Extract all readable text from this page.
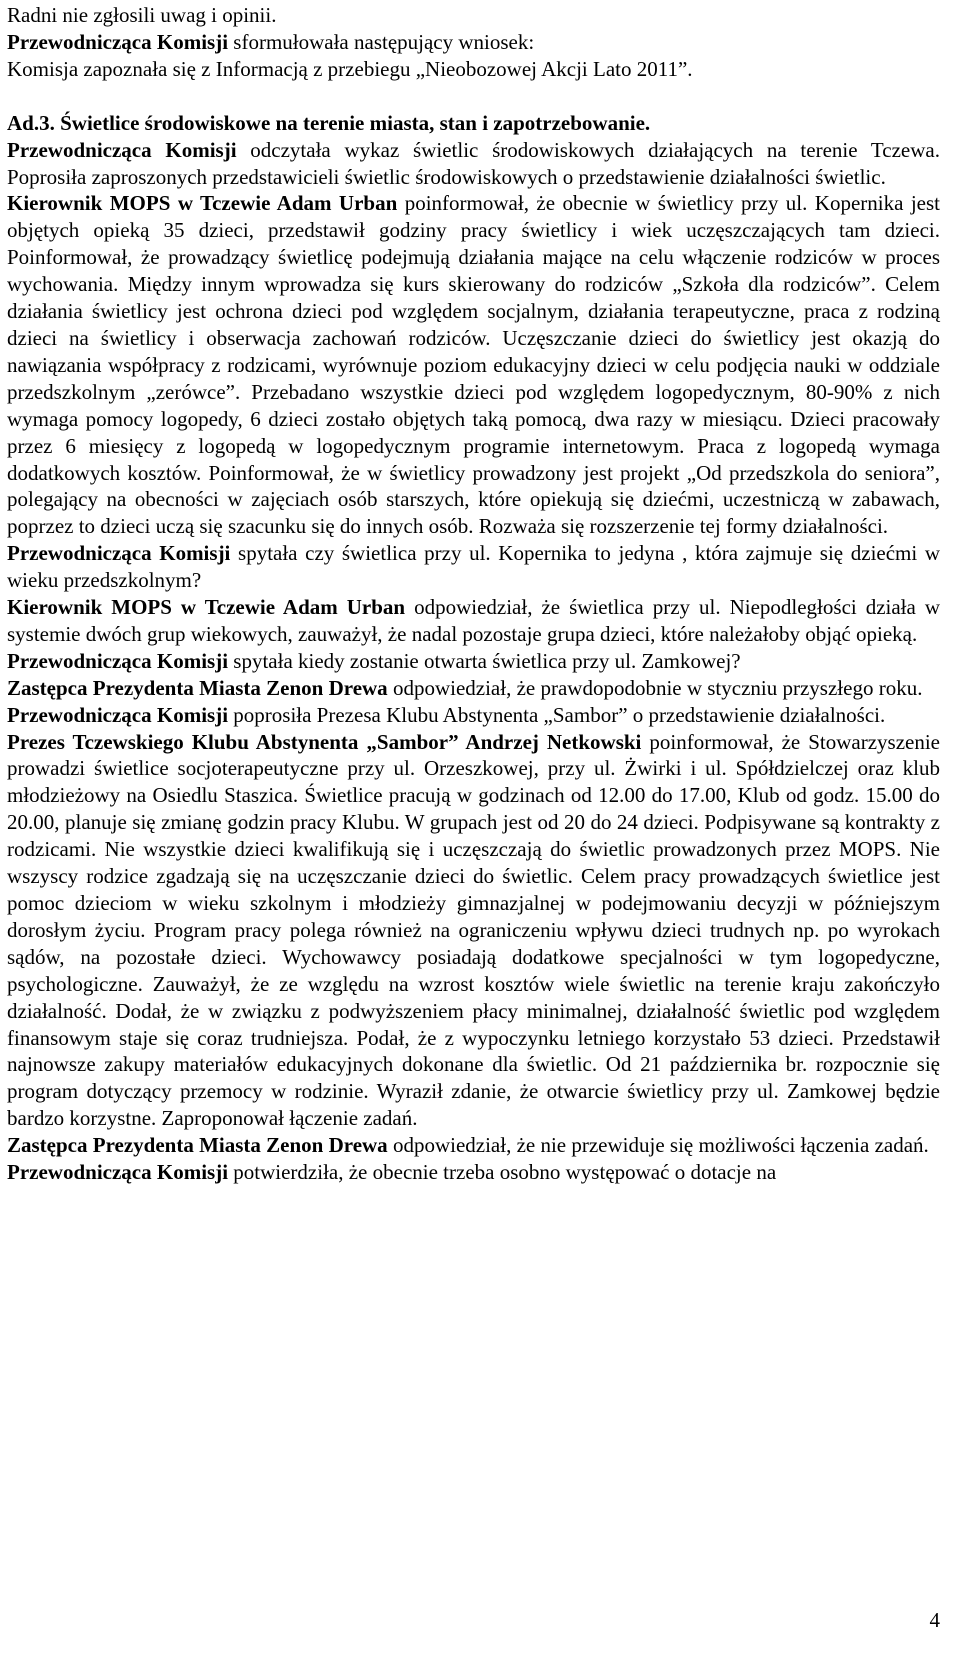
Radni nie zgłosili uwag i opinii.

Przewodnicząca Komisji sformułowała następujący wniosek:

Komisja zapoznała się z Informacją z przebiegu „Nieobozowej Akcji Lato 2011”.

Ad.3. Świetlice środowiskowe na terenie miasta, stan i zapotrzebowanie.

Przewodnicząca Komisji odczytała wykaz świetlic środowiskowych działających na terenie Tczewa. Poprosiła zaproszonych przedstawicieli świetlic środowiskowych o przedstawienie działalności świetlic.

Kierownik MOPS w Tczewie Adam Urban poinformował, że obecnie w świetlicy przy ul. Kopernika jest objętych opieką 35 dzieci, przedstawił godziny pracy świetlicy i wiek uczęszczających tam dzieci. Poinformował, że prowadzący świetlicę podejmują działania mające na celu włączenie rodziców w proces wychowania. Między innym wprowadza się kurs skierowany do rodziców „Szkoła dla rodziców”. Celem działania świetlicy jest ochrona dzieci pod względem socjalnym, działania terapeutyczne, praca z rodziną dzieci na świetlicy i obserwacja zachowań rodziców. Uczęszczanie dzieci do świetlicy jest okazją do nawiązania współpracy z rodzicami, wyrównuje poziom edukacyjny dzieci w celu podjęcia nauki w oddziale przedszkolnym „zerówce”. Przebadano wszystkie dzieci pod względem logopedycznym, 80-90% z nich wymaga pomocy logopedy, 6 dzieci zostało objętych taką pomocą, dwa razy w miesiącu. Dzieci pracowały przez 6 miesięcy z logopedą w logopedycznym programie internetowym. Praca z logopedą wymaga dodatkowych kosztów. Poinformował, że w świetlicy prowadzony jest projekt „Od przedszkola do seniora”, polegający na obecności w zajęciach osób starszych, które opiekują się dziećmi, uczestniczą w zabawach, poprzez to dzieci uczą się szacunku się do innych osób. Rozważa się rozszerzenie tej formy działalności.

Przewodnicząca Komisji spytała czy świetlica przy ul. Kopernika to jedyna , która zajmuje się dziećmi w wieku przedszkolnym?

Kierownik MOPS w Tczewie Adam Urban odpowiedział, że świetlica przy ul. Niepodległości działa w systemie dwóch grup wiekowych, zauważył, że nadal pozostaje grupa dzieci, które należałoby objąć opieką.

Przewodnicząca Komisji spytała kiedy zostanie otwarta świetlica przy ul. Zamkowej?

Zastępca Prezydenta Miasta Zenon Drewa odpowiedział, że prawdopodobnie w styczniu przyszłego roku.

Przewodnicząca Komisji poprosiła Prezesa Klubu Abstynenta „Sambor” o przedstawienie działalności.

Prezes Tczewskiego Klubu Abstynenta „Sambor” Andrzej Netkowski poinformował, że Stowarzyszenie prowadzi świetlice socjoterapeutyczne przy ul. Orzeszkowej, przy ul. Żwirki i ul. Spółdzielczej oraz klub młodzieżowy na Osiedlu Staszica. Świetlice pracują w godzinach od 12.00 do 17.00, Klub od godz. 15.00 do 20.00, planuje się zmianę godzin pracy Klubu. W grupach jest od 20 do 24 dzieci. Podpisywane są kontrakty z rodzicami. Nie wszystkie dzieci kwalifikują się i uczęszczają do świetlic prowadzonych przez MOPS. Nie wszyscy rodzice zgadzają się na uczęszczanie dzieci do świetlic. Celem pracy prowadzących świetlice jest pomoc dzieciom w wieku szkolnym i młodzieży gimnazjalnej w podejmowaniu decyzji w późniejszym dorosłym życiu. Program pracy polega również na ograniczeniu wpływu dzieci trudnych np. po wyrokach sądów, na pozostałe dzieci. Wychowawcy posiadają dodatkowe specjalności w tym logopedyczne, psychologiczne. Zauważył, że ze względu na wzrost kosztów wiele świetlic na terenie kraju zakończyło działalność. Dodał, że w związku z podwyższeniem płacy minimalnej, działalność świetlic pod względem finansowym staje się coraz trudniejsza. Podał, że z wypoczynku letniego korzystało 53 dzieci. Przedstawił najnowsze zakupy materiałów edukacyjnych dokonane dla świetlic. Od 21 października br. rozpocznie się program dotyczący przemocy w rodzinie. Wyraził zdanie, że otwarcie świetlicy przy ul. Zamkowej będzie bardzo korzystne. Zaproponował łączenie zadań.

Zastępca Prezydenta Miasta Zenon Drewa odpowiedział, że nie przewiduje się możliwości łączenia zadań.

Przewodnicząca Komisji potwierdziła, że obecnie trzeba osobno występować o dotacje na

4
